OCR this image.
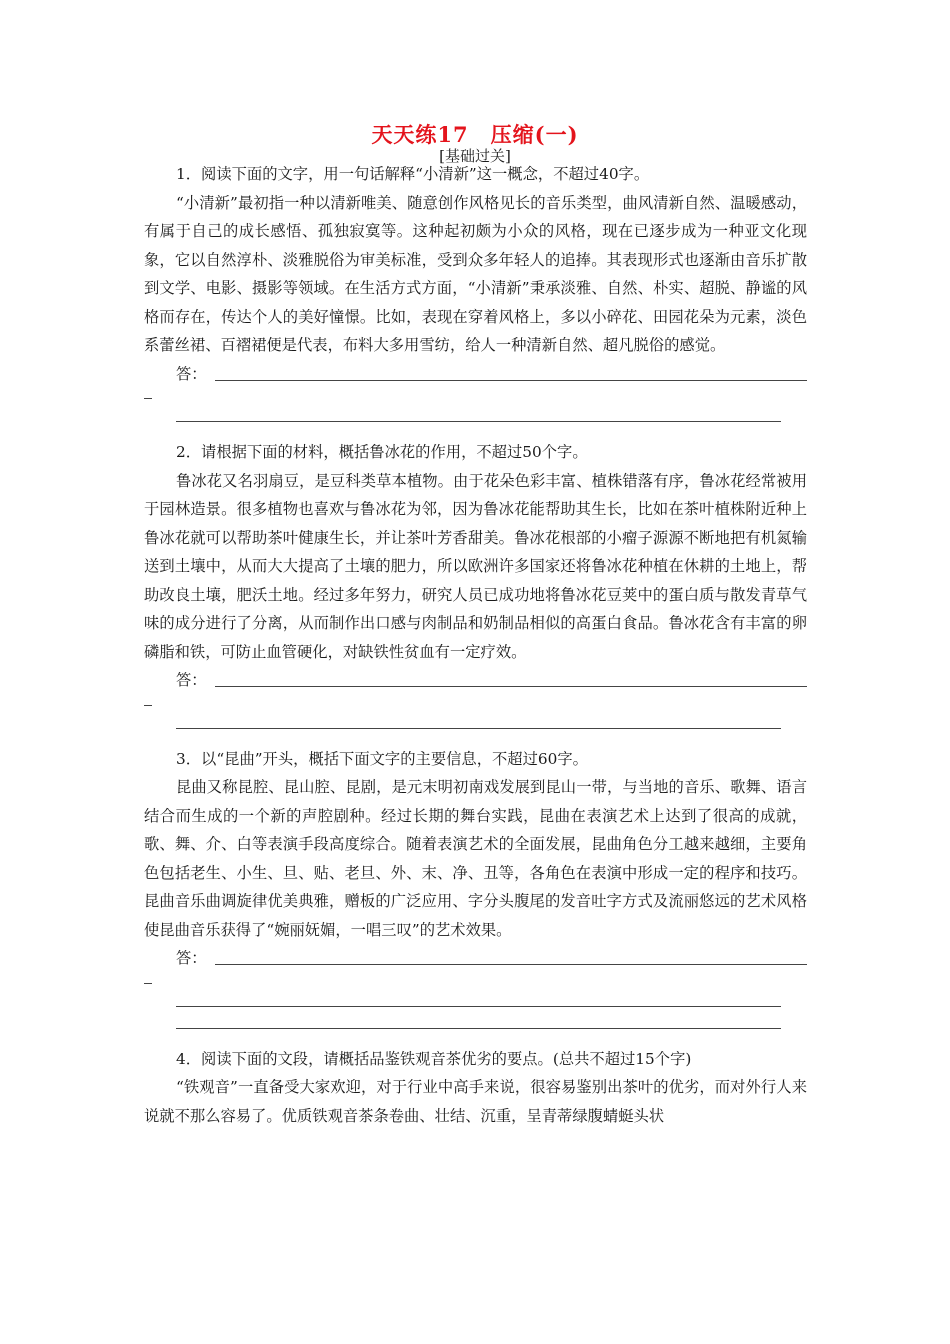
天天练17　压缩(一)
[基础过关]

1．阅读下面的文字，用一句话解释“小清新”这一概念，不超过40字。

“小清新”最初指一种以清新唯美、随意创作风格见长的音乐类型，曲风清新自然、温暖感动，有属于自己的成长感悟、孤独寂寞等。这种起初颇为小众的风格，现在已逐步成为一种亚文化现象，它以自然淳朴、淡雅脱俗为审美标准，受到众多年轻人的追捧。其表现形式也逐渐由音乐扩散到文学、电影、摄影等领域。在生活方式方面，“小清新”秉承淡雅、自然、朴实、超脱、静谧的风格而存在，传达个人的美好憧憬。比如，表现在穿着风格上，多以小碎花、田园花朵为元素，淡色系蕾丝裙、百褶裙便是代表，布料大多用雪纺，给人一种清新自然、超凡脱俗的感觉。

答：

2．请根据下面的材料，概括鲁冰花的作用，不超过50个字。

鲁冰花又名羽扇豆，是豆科类草本植物。由于花朵色彩丰富、植株错落有序，鲁冰花经常被用于园林造景。很多植物也喜欢与鲁冰花为邻，因为鲁冰花能帮助其生长，比如在茶叶植株附近种上鲁冰花就可以帮助茶叶健康生长，并让茶叶芳香甜美。鲁冰花根部的小瘤子源源不断地把有机氮输送到土壤中，从而大大提高了土壤的肥力，所以欧洲许多国家还将鲁冰花种植在休耕的土地上，帮助改良土壤，肥沃土地。经过多年努力，研究人员已成功地将鲁冰花豆荚中的蛋白质与散发青草气味的成分进行了分离，从而制作出口感与肉制品和奶制品相似的高蛋白食品。鲁冰花含有丰富的卵磷脂和铁，可防止血管硬化，对缺铁性贫血有一定疗效。

答：

3．以“昆曲”开头，概括下面文字的主要信息，不超过60字。

昆曲又称昆腔、昆山腔、昆剧，是元末明初南戏发展到昆山一带，与当地的音乐、歌舞、语言结合而生成的一个新的声腔剧种。经过长期的舞台实践，昆曲在表演艺术上达到了很高的成就，歌、舞、介、白等表演手段高度综合。随着表演艺术的全面发展，昆曲角色分工越来越细，主要角色包括老生、小生、旦、贴、老旦、外、末、净、丑等，各角色在表演中形成一定的程序和技巧。昆曲音乐曲调旋律优美典雅，赠板的广泛应用、字分头腹尾的发音吐字方式及流丽悠远的艺术风格使昆曲音乐获得了“婉丽妩媚，一唱三叹”的艺术效果。

答：

4．阅读下面的文段，请概括品鉴铁观音茶优劣的要点。(总共不超过15个字)

“铁观音”一直备受大家欢迎，对于行业中高手来说，很容易鉴别出茶叶的优劣，而对外行人来说就不那么容易了。优质铁观音茶条卷曲、壮结、沉重，呈青蒂绿腹蜻蜓头状
